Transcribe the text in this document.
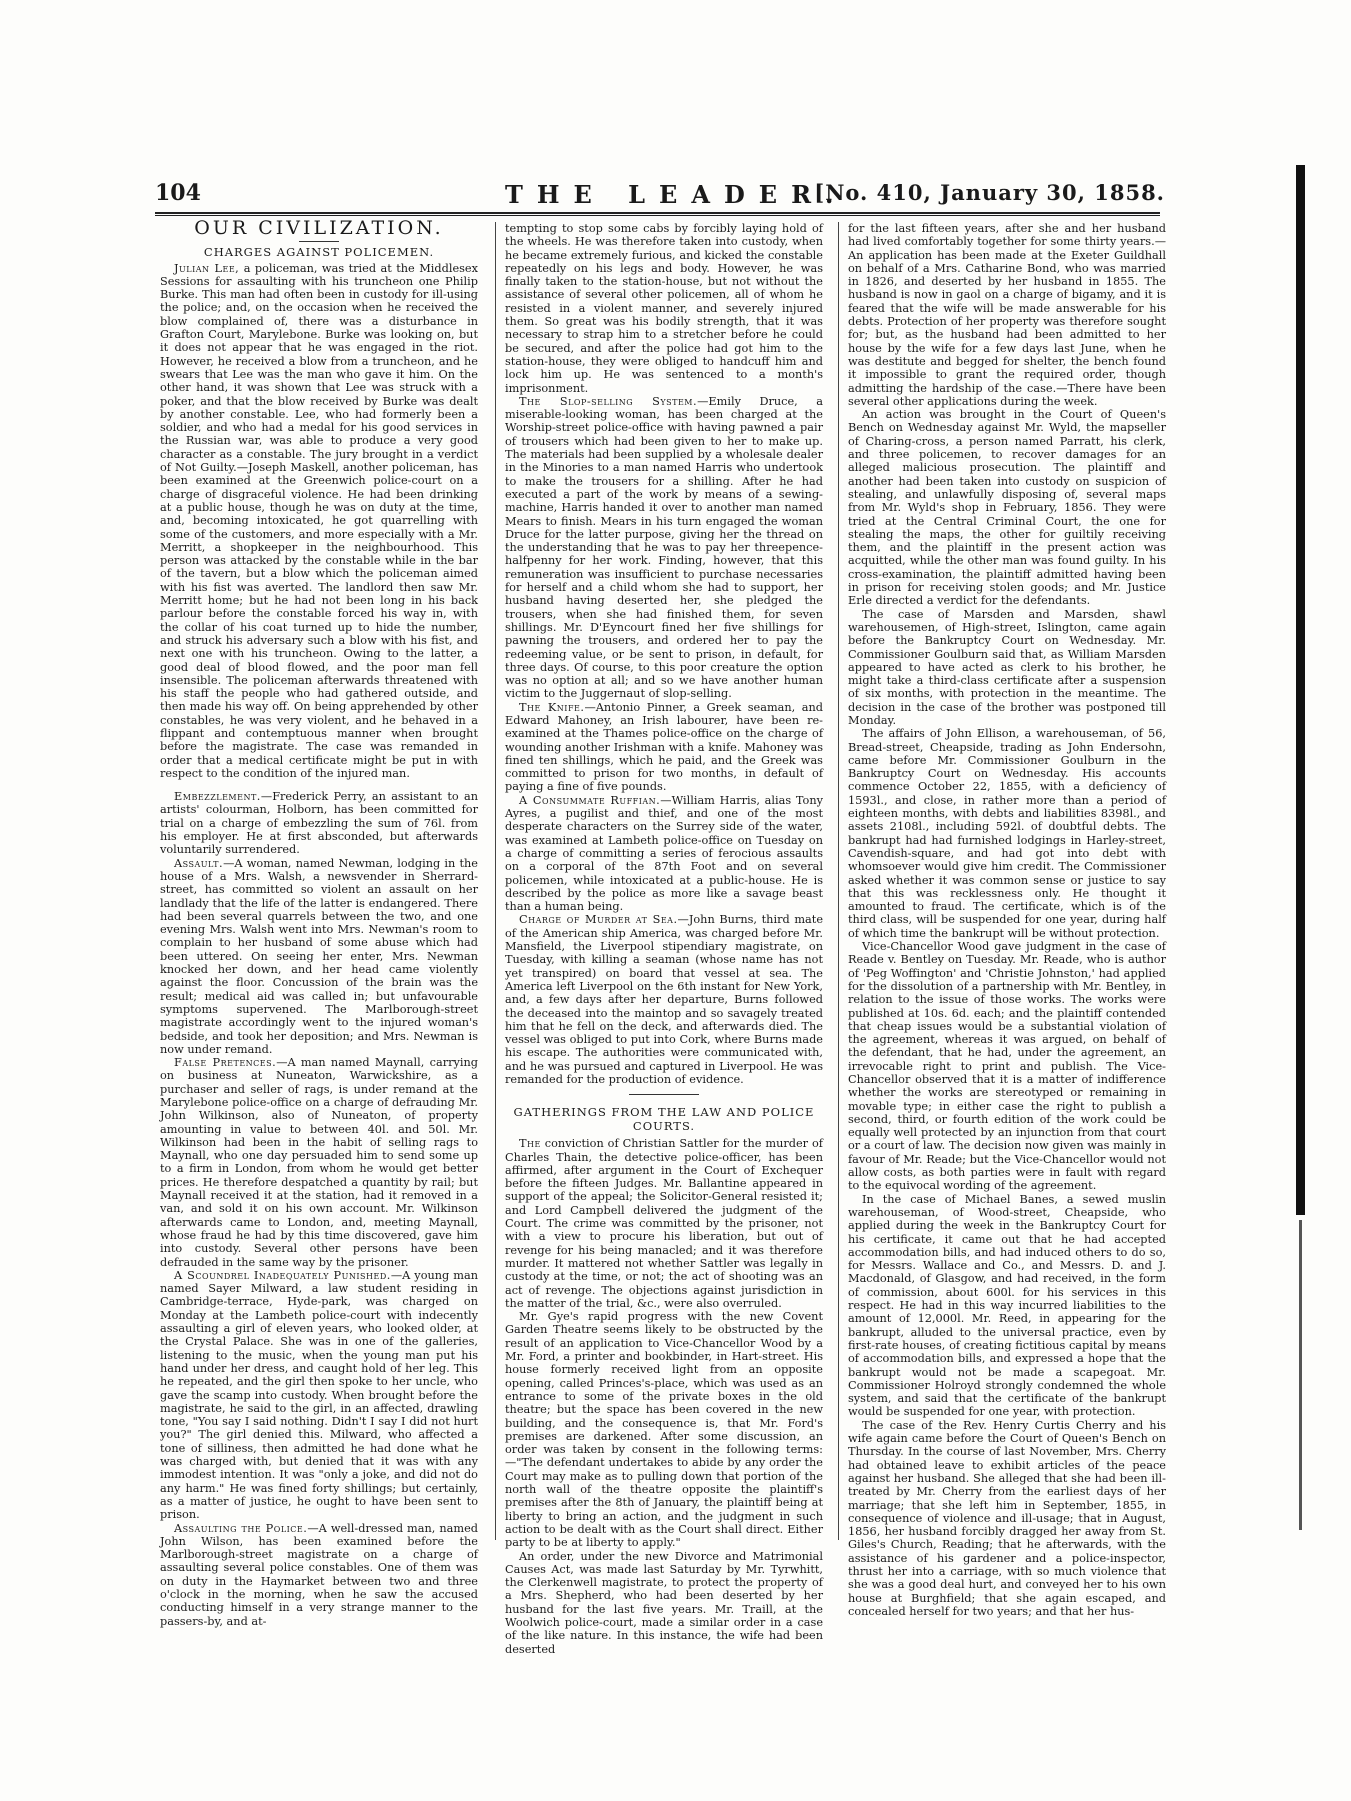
104	THE LEADER.
[No. 410, January 30, 1858.
OUR CIVILIZATION.
CHARGES AGAINST POLICEMEN.

Julian Lee, a policeman, was tried at the Middlesex Sessions for assaulting with his truncheon one Philip Burke. This man had often been in custody for ill-using the police; and, on the occasion when he received the blow complained of, there was a disturbance in Grafton Court, Marylebone. Burke was looking on, but it does not appear that he was engaged in the riot. However, he received a blow from a truncheon, and he swears that Lee was the man who gave it him. On the other hand, it was shown that Lee was struck with a poker, and that the blow received by Burke was dealt by another constable. Lee, who had formerly been a soldier, and who had a medal for his good services in the Russian war, was able to produce a very good character as a constable. The jury brought in a verdict of Not Guilty.—Joseph Maskell, another policeman, has been examined at the Greenwich police-court on a charge of disgraceful violence. He had been drinking at a public house, though he was on duty at the time, and, becoming intoxicated, he got quarrelling with some of the customers, and more especially with a Mr. Merritt, a shopkeeper in the neighbourhood. This person was attacked by the constable while in the bar of the tavern, but a blow which the policeman aimed with his fist was averted. The landlord then saw Mr. Merritt home; but he had not been long in his back parlour before the constable forced his way in, with the collar of his coat turned up to hide the number, and struck his adversary such a blow with his fist, and next one with his truncheon. Owing to the latter, a good deal of blood flowed, and the poor man fell insensible. The policeman afterwards threatened with his staff the people who had gathered outside, and then made his way off. On being apprehended by other constables, he was very violent, and he behaved in a flippant and contemptuous manner when brought before the magistrate. The case was remanded in order that a medical certificate might be put in with respect to the condition of the injured man.

Embezzlement.—Frederick Perry, an assistant to an artists' colourman, Holborn, has been committed for trial on a charge of embezzling the sum of 76l. from his employer. He at first absconded, but afterwards voluntarily surrendered.

Assault.—A woman, named Newman, lodging in the house of a Mrs. Walsh, a newsvender in Sherrard-street, has committed so violent an assault on her landlady that the life of the latter is endangered. There had been several quarrels between the two, and one evening Mrs. Walsh went into Mrs. Newman's room to complain to her husband of some abuse which had been uttered. On seeing her enter, Mrs. Newman knocked her down, and her head came violently against the floor. Concussion of the brain was the result; medical aid was called in; but unfavourable symptoms supervened. The Marlborough-street magistrate accordingly went to the injured woman's bedside, and took her deposition; and Mrs. Newman is now under remand.

False Pretences.—A man named Maynall, carrying on business at Nuneaton, Warwickshire, as a purchaser and seller of rags, is under remand at the Marylebone police-office on a charge of defrauding Mr. John Wilkinson, also of Nuneaton, of property amounting in value to between 40l. and 50l. Mr. Wilkinson had been in the habit of selling rags to Maynall, who one day persuaded him to send some up to a firm in London, from whom he would get better prices. He therefore despatched a quantity by rail; but Maynall received it at the station, had it removed in a van, and sold it on his own account. Mr. Wilkinson afterwards came to London, and, meeting Maynall, whose fraud he had by this time discovered, gave him into custody. Several other persons have been defrauded in the same way by the prisoner.

A Scoundrel Inadequately Punished.—A young man named Sayer Milward, a law student residing in Cambridge-terrace, Hyde-park, was charged on Monday at the Lambeth police-court with indecently assaulting a girl of eleven years, who looked older, at the Crystal Palace. She was in one of the galleries, listening to the music, when the young man put his hand under her dress, and caught hold of her leg. This he repeated, and the girl then spoke to her uncle, who gave the scamp into custody. When brought before the magistrate, he said to the girl, in an affected, drawling tone, "You say I said nothing. Didn't I say I did not hurt you?" The girl denied this. Milward, who affected a tone of silliness, then admitted he had done what he was charged with, but denied that it was with any immodest intention. It was "only a joke, and did not do any harm." He was fined forty shillings; but certainly, as a matter of justice, he ought to have been sent to prison.

Assaulting the Police.—A well-dressed man, named John Wilson, has been examined before the Marlborough-street magistrate on a charge of assaulting several police constables. One of them was on duty in the Haymarket between two and three o'clock in the morning, when he saw the accused conducting himself in a very strange manner to the passers-by, and at-

tempting to stop some cabs by forcibly laying hold of the wheels. He was therefore taken into custody, when he became extremely furious, and kicked the constable repeatedly on his legs and body. However, he was finally taken to the station-house, but not without the assistance of several other policemen, all of whom he resisted in a violent manner, and severely injured them. So great was his bodily strength, that it was necessary to strap him to a stretcher before he could be secured, and after the police had got him to the station-house, they were obliged to handcuff him and lock him up. He was sentenced to a month's imprisonment.

The Slop-selling System.—Emily Druce, a miserable-looking woman, has been charged at the Worship-street police-office with having pawned a pair of trousers which had been given to her to make up. The materials had been supplied by a wholesale dealer in the Minories to a man named Harris who undertook to make the trousers for a shilling. After he had executed a part of the work by means of a sewing-machine, Harris handed it over to another man named Mears to finish. Mears in his turn engaged the woman Druce for the latter purpose, giving her the thread on the understanding that he was to pay her threepence-halfpenny for her work. Finding, however, that this remuneration was insufficient to purchase necessaries for herself and a child whom she had to support, her husband having deserted her, she pledged the trousers, when she had finished them, for seven shillings. Mr. D'Eyncourt fined her five shillings for pawning the trousers, and ordered her to pay the redeeming value, or be sent to prison, in default, for three days. Of course, to this poor creature the option was no option at all; and so we have another human victim to the Juggernaut of slop-selling.

The Knife.—Antonio Pinner, a Greek seaman, and Edward Mahoney, an Irish labourer, have been re-examined at the Thames police-office on the charge of wounding another Irishman with a knife. Mahoney was fined ten shillings, which he paid, and the Greek was committed to prison for two months, in default of paying a fine of five pounds.

A Consummate Ruffian.—William Harris, alias Tony Ayres, a pugilist and thief, and one of the most desperate characters on the Surrey side of the water, was examined at Lambeth police-office on Tuesday on a charge of committing a series of ferocious assaults on a corporal of the 87th Foot and on several policemen, while intoxicated at a public-house. He is described by the police as more like a savage beast than a human being.

Charge of Murder at Sea.—John Burns, third mate of the American ship America, was charged before Mr. Mansfield, the Liverpool stipendiary magistrate, on Tuesday, with killing a seaman (whose name has not yet transpired) on board that vessel at sea. The America left Liverpool on the 6th instant for New York, and, a few days after her departure, Burns followed the deceased into the maintop and so savagely treated him that he fell on the deck, and afterwards died. The vessel was obliged to put into Cork, where Burns made his escape. The authorities were communicated with, and he was pursued and captured in Liverpool. He was remanded for the production of evidence.

GATHERINGS FROM THE LAW AND POLICE COURTS.

The conviction of Christian Sattler for the murder of Charles Thain, the detective police-officer, has been affirmed, after argument in the Court of Exchequer before the fifteen Judges. Mr. Ballantine appeared in support of the appeal; the Solicitor-General resisted it; and Lord Campbell delivered the judgment of the Court. The crime was committed by the prisoner, not with a view to procure his liberation, but out of revenge for his being manacled; and it was therefore murder. It mattered not whether Sattler was legally in custody at the time, or not; the act of shooting was an act of revenge. The objections against jurisdiction in the matter of the trial, &c., were also overruled.

Mr. Gye's rapid progress with the new Covent Garden Theatre seems likely to be obstructed by the result of an application to Vice-Chancellor Wood by a Mr. Ford, a printer and bookbinder, in Hart-street. His house formerly received light from an opposite opening, called Princes's-place, which was used as an entrance to some of the private boxes in the old theatre; but the space has been covered in the new building, and the consequence is, that Mr. Ford's premises are darkened. After some discussion, an order was taken by consent in the following terms:—"The defendant undertakes to abide by any order the Court may make as to pulling down that portion of the north wall of the theatre opposite the plaintiff's premises after the 8th of January, the plaintiff being at liberty to bring an action, and the judgment in such action to be dealt with as the Court shall direct. Either party to be at liberty to apply."

An order, under the new Divorce and Matrimonial Causes Act, was made last Saturday by Mr. Tyrwhitt, the Clerkenwell magistrate, to protect the property of a Mrs. Shepherd, who had been deserted by her husband for the last five years. Mr. Traill, at the Woolwich police-court, made a similar order in a case of the like nature. In this instance, the wife had been deserted

for the last fifteen years, after she and her husband had lived comfortably together for some thirty years.—An application has been made at the Exeter Guildhall on behalf of a Mrs. Catharine Bond, who was married in 1826, and deserted by her husband in 1855. The husband is now in gaol on a charge of bigamy, and it is feared that the wife will be made answerable for his debts. Protection of her property was therefore sought for; but, as the husband had been admitted to her house by the wife for a few days last June, when he was destitute and begged for shelter, the bench found it impossible to grant the required order, though admitting the hardship of the case.—There have been several other applications during the week.

An action was brought in the Court of Queen's Bench on Wednesday against Mr. Wyld, the mapseller of Charing-cross, a person named Parratt, his clerk, and three policemen, to recover damages for an alleged malicious prosecution. The plaintiff and another had been taken into custody on suspicion of stealing, and unlawfully disposing of, several maps from Mr. Wyld's shop in February, 1856. They were tried at the Central Criminal Court, the one for stealing the maps, the other for guiltily receiving them, and the plaintiff in the present action was acquitted, while the other man was found guilty. In his cross-examination, the plaintiff admitted having been in prison for receiving stolen goods; and Mr. Justice Erle directed a verdict for the defendants.

The case of Marsden and Marsden, shawl warehousemen, of High-street, Islington, came again before the Bankruptcy Court on Wednesday. Mr. Commissioner Goulburn said that, as William Marsden appeared to have acted as clerk to his brother, he might take a third-class certificate after a suspension of six months, with protection in the meantime. The decision in the case of the brother was postponed till Monday.

The affairs of John Ellison, a warehouseman, of 56, Bread-street, Cheapside, trading as John Endersohn, came before Mr. Commissioner Goulburn in the Bankruptcy Court on Wednesday. His accounts commence October 22, 1855, with a deficiency of 1593l., and close, in rather more than a period of eighteen months, with debts and liabilities 8398l., and assets 2108l., including 592l. of doubtful debts. The bankrupt had had furnished lodgings in Harley-street, Cavendish-square, and had got into debt with whomsoever would give him credit. The Commissioner asked whether it was common sense or justice to say that this was recklessness only. He thought it amounted to fraud. The certificate, which is of the third class, will be suspended for one year, during half of which time the bankrupt will be without protection.

Vice-Chancellor Wood gave judgment in the case of Reade v. Bentley on Tuesday. Mr. Reade, who is author of 'Peg Woffington' and 'Christie Johnston,' had applied for the dissolution of a partnership with Mr. Bentley, in relation to the issue of those works. The works were published at 10s. 6d. each; and the plaintiff contended that cheap issues would be a substantial violation of the agreement, whereas it was argued, on behalf of the defendant, that he had, under the agreement, an irrevocable right to print and publish. The Vice-Chancellor observed that it is a matter of indifference whether the works are stereotyped or remaining in movable type; in either case the right to publish a second, third, or fourth edition of the work could be equally well protected by an injunction from that court or a court of law. The decision now given was mainly in favour of Mr. Reade; but the Vice-Chancellor would not allow costs, as both parties were in fault with regard to the equivocal wording of the agreement.

In the case of Michael Banes, a sewed muslin warehouseman, of Wood-street, Cheapside, who applied during the week in the Bankruptcy Court for his certificate, it came out that he had accepted accommodation bills, and had induced others to do so, for Messrs. Wallace and Co., and Messrs. D. and J. Macdonald, of Glasgow, and had received, in the form of commission, about 600l. for his services in this respect. He had in this way incurred liabilities to the amount of 12,000l. Mr. Reed, in appearing for the bankrupt, alluded to the universal practice, even by first-rate houses, of creating fictitious capital by means of accommodation bills, and expressed a hope that the bankrupt would not be made a scapegoat. Mr. Commissioner Holroyd strongly condemned the whole system, and said that the certificate of the bankrupt would be suspended for one year, with protection.

The case of the Rev. Henry Curtis Cherry and his wife again came before the Court of Queen's Bench on Thursday. In the course of last November, Mrs. Cherry had obtained leave to exhibit articles of the peace against her husband. She alleged that she had been ill-treated by Mr. Cherry from the earliest days of her marriage; that she left him in September, 1855, in consequence of violence and ill-usage; that in August, 1856, her husband forcibly dragged her away from St. Giles's Church, Reading; that he afterwards, with the assistance of his gardener and a police-inspector, thrust her into a carriage, with so much violence that she was a good deal hurt, and conveyed her to his own house at Burghfield; that she again escaped, and concealed herself for two years; and that her hus-
